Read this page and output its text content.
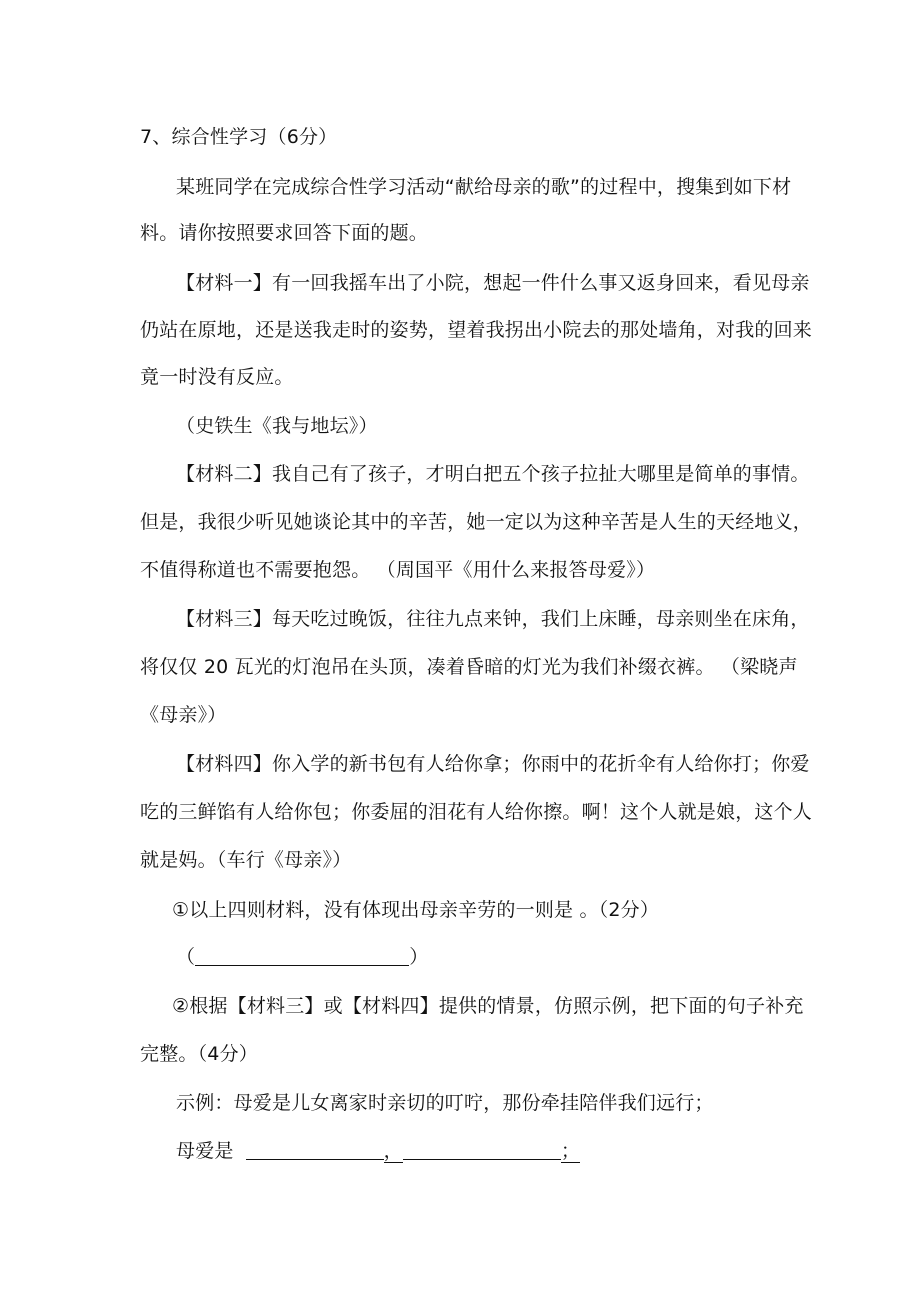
7、综合性学习（6分）
某班同学在完成综合性学习活动“献给母亲的歌”的过程中，搜集到如下材
料。请你按照要求回答下面的题。
【材料一】有一回我摇车出了小院，想起一件什么事又返身回来，看见母亲
仍站在原地，还是送我走时的姿势，望着我拐出小院去的那处墙角，对我的回来
竟一时没有反应。
（史铁生《我与地坛》）
【材料二】我自己有了孩子，才明白把五个孩子拉扯大哪里是简单的事情。
但是，我很少听见她谈论其中的辛苦，她一定以为这种辛苦是人生的天经地义，
不值得称道也不需要抱怨。 （周国平《用什么来报答母爱》）
【材料三】每天吃过晚饭，往往九点来钟，我们上床睡，母亲则坐在床角，
将仅仅 20 瓦光的灯泡吊在头顶，凑着昏暗的灯光为我们补缀衣裤。 （梁晓声
《母亲》）
【材料四】你入学的新书包有人给你拿；你雨中的花折伞有人给你打；你爱
吃的三鲜馅有人给你包；你委屈的泪花有人给你擦。啊！这个人就是娘，这个人
就是妈。（车行《母亲》）
①以上四则材料，没有体现出母亲辛劳的一则是 。（2分）
（	）
②根据【材料三】或【材料四】提供的情景，仿照示例，把下面的句子补充
完整。（4分）
示例：母爱是儿女离家时亲切的叮咛，那份牵挂陪伴我们远行；
母爱是	，	；
